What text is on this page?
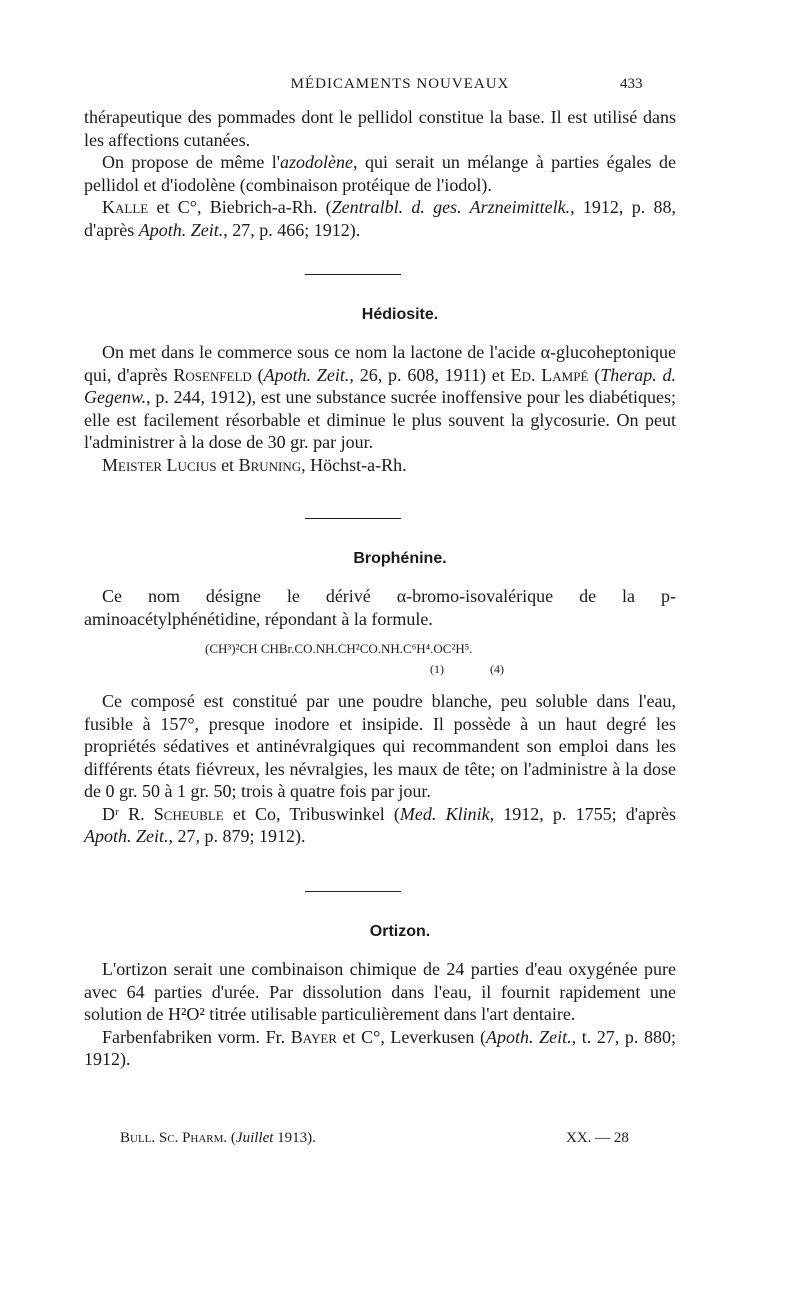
MÉDICAMENTS NOUVEAUX	433

thérapeutique des pommades dont le pellidol constitue la base. Il est utilisé dans les affections cutanées.

On propose de même l'azodolène, qui serait un mélange à parties égales de pellidol et d'iodolène (combinaison protéique de l'iodol).

Kalle et C°, Biebrich-a-Rh. (Zentralbl. d. ges. Arzneimittelk., 1912, p. 88, d'après Apoth. Zeit., 27, p. 466; 1912).

Hédiosite.

On met dans le commerce sous ce nom la lactone de l'acide α-glucoheptonique qui, d'après Rosenfeld (Apoth. Zeit., 26, p. 608, 1911) et Ed. Lampé (Therap. d. Gegenw., p. 244, 1912), est une substance sucrée inoffensive pour les diabétiques; elle est facilement résorbable et diminue le plus souvent la glycosurie. On peut l'administrer à la dose de 30 gr. par jour.

Meister Lucius et Bruning, Höchst-a-Rh.

Brophénine.

Ce nom désigne le dérivé α-bromo-isovalérique de la p-aminoacétylphénétidine, répondant à la formule.

(CH³)²CH CHBr.CO.NH.CH²CO.NH.C⁶H⁴.OC²H⁵.
(1)	(4)

Ce composé est constitué par une poudre blanche, peu soluble dans l'eau, fusible à 157°, presque inodore et insipide. Il possède à un haut degré les propriétés sédatives et antinévralgiques qui recommandent son emploi dans les différents états fiévreux, les névralgies, les maux de tête; on l'administre à la dose de 0 gr. 50 à 1 gr. 50; trois à quatre fois par jour.

Dʳ R. Scheuble et Co, Tribuswinkel (Med. Klinik, 1912, p. 1755; d'après Apoth. Zeit., 27, p. 879; 1912).

Ortizon.

L'ortizon serait une combinaison chimique de 24 parties d'eau oxygénée pure avec 64 parties d'urée. Par dissolution dans l'eau, il fournit rapidement une solution de H²O² titrée utilisable particulièrement dans l'art dentaire.

Farbenfabriken vorm. Fr. Bayer et C°, Leverkusen (Apoth. Zeit., t. 27, p. 880; 1912).

Bull. Sc. Pharm. (Juillet 1913).	XX. — 28
